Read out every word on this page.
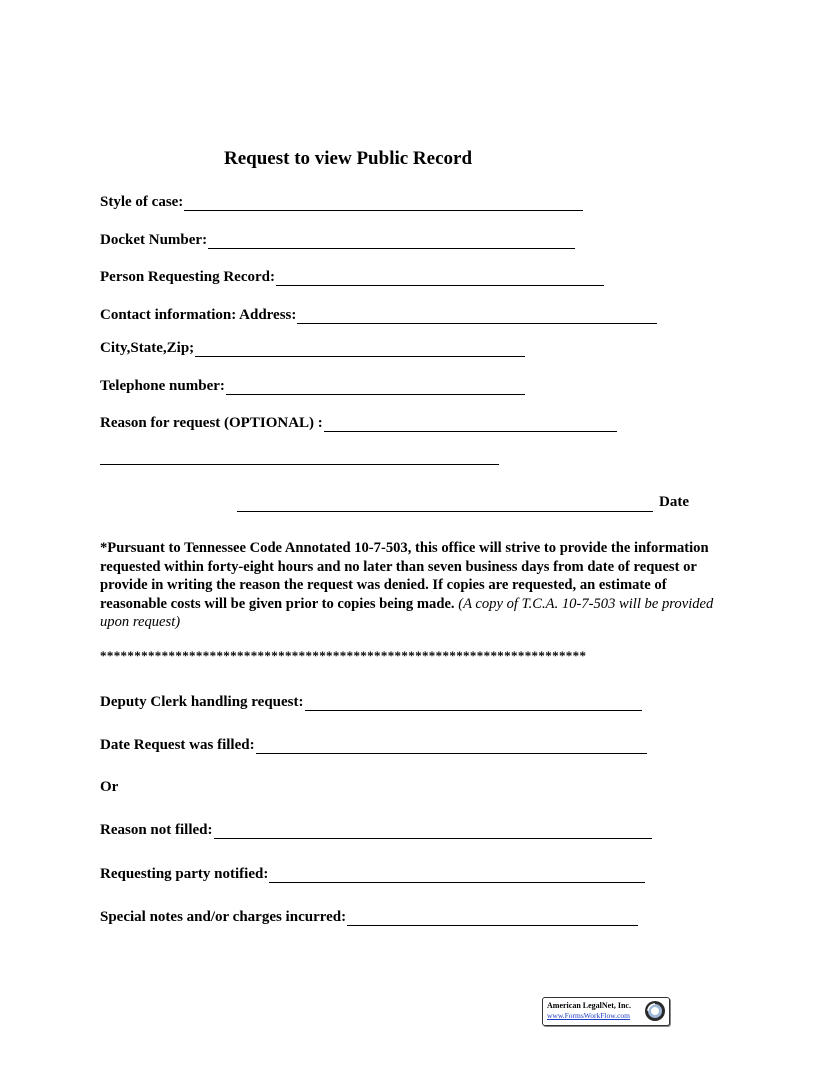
Request to view Public Record
Style of case:
Docket Number:
Person Requesting Record:
Contact information: Address:
City,State,Zip;
Telephone number:
Reason for request (OPTIONAL) :
Date
*Pursuant to Tennessee Code Annotated 10-7-503, this office will strive to provide the information requested within forty-eight hours and no later than seven business days from date of request or provide in writing the reason the request was denied. If copies are requested, an estimate of reasonable costs will be given prior to copies being made. (A copy of T.C.A. 10-7-503 will be provided upon request)
***********************************************************************
Deputy Clerk handling request:
Date Request was filled:
Or
Reason not filled:
Requesting party notified:
Special notes and/or charges incurred:
American LegalNet, Inc.
www.FormsWorkFlow.com
